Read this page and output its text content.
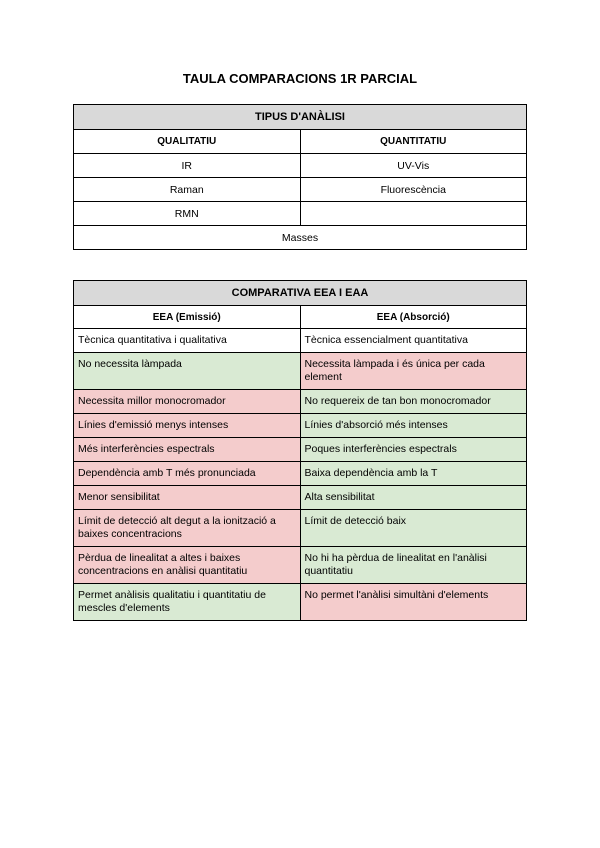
TAULA COMPARACIONS 1R PARCIAL
TIPUS D'ANÀLISI	
QUALITATIU	QUANTITATIU
IR	UV-Vis
Raman	Fluorescència
RMN	
Masses	
COMPARATIVA EEA I EAA	
EEA (Emissió)	EEA (Absorció)
Tècnica quantitativa i qualitativa	Tècnica essencialment quantitativa
No necessita làmpada	Necessita làmpada i és única per cada element
Necessita millor monocromador	No requereix de tan bon monocromador
Línies d'emissió menys intenses	Línies d'absorció més intenses
Més interferències espectrals	Poques interferències espectrals
Dependència amb T més pronunciada	Baixa dependència amb la T
Menor sensibilitat	Alta sensibilitat
Límit de detecció alt degut a la ionització a baixes concentracions	Límit de detecció baix
Pèrdua de linealitat a altes i baixes concentracions en anàlisi quantitatiu	No hi ha pèrdua de linealitat en l'anàlisi quantitatiu
Permet anàlisis qualitatiu i quantitatiu de mescles d'elements	No permet l'anàlisi simultàni d'elements
